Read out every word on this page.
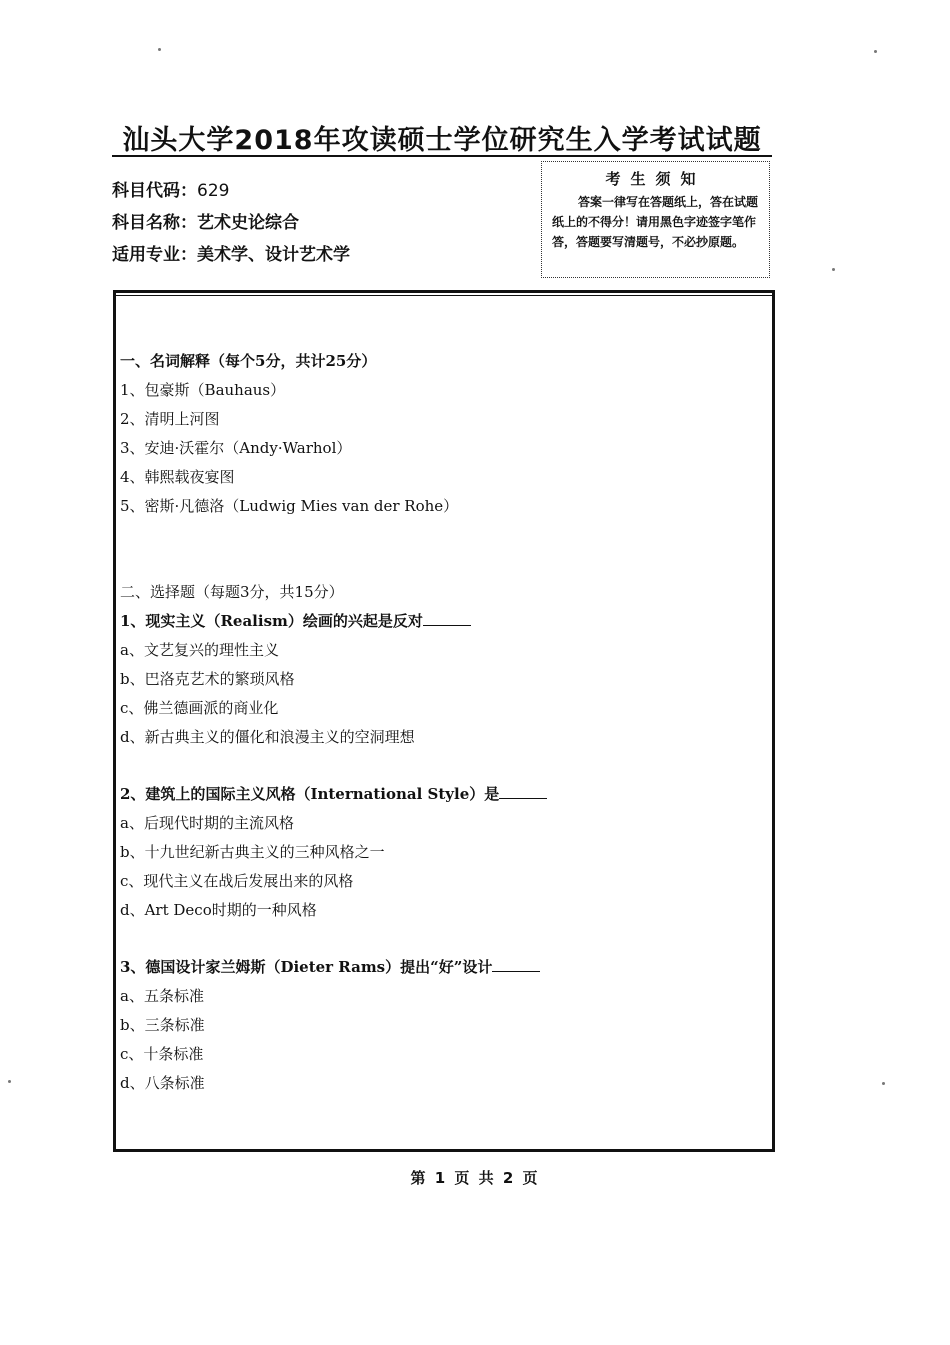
汕头大学2018年攻读硕士学位研究生入学考试试题
科目代码：629
科目名称：艺术史论综合
适用专业：美术学、设计艺术学
考生须知
答案一律写在答题纸上，答在试题纸上的不得分！请用黑色字迹签字笔作答，答题要写清题号，不必抄原题。
一、名词解释（每个5分，共计25分）
1、包豪斯（Bauhaus）
2、清明上河图
3、安迪·沃霍尔（Andy·Warhol）
4、韩熙载夜宴图
5、密斯·凡德洛（Ludwig Mies van der Rohe）
二、选择题（每题3分，共15分）
1、现实主义（Realism）绘画的兴起是反对
a、文艺复兴的理性主义
b、巴洛克艺术的繁琐风格
c、佛兰德画派的商业化
d、新古典主义的僵化和浪漫主义的空洞理想
2、建筑上的国际主义风格（International Style）是
a、后现代时期的主流风格
b、十九世纪新古典主义的三种风格之一
c、现代主义在战后发展出来的风格
d、Art Deco时期的一种风格
3、德国设计家兰姆斯（Dieter Rams）提出“好”设计
a、五条标准
b、三条标准
c、十条标准
d、八条标准
第 1 页 共 2 页
